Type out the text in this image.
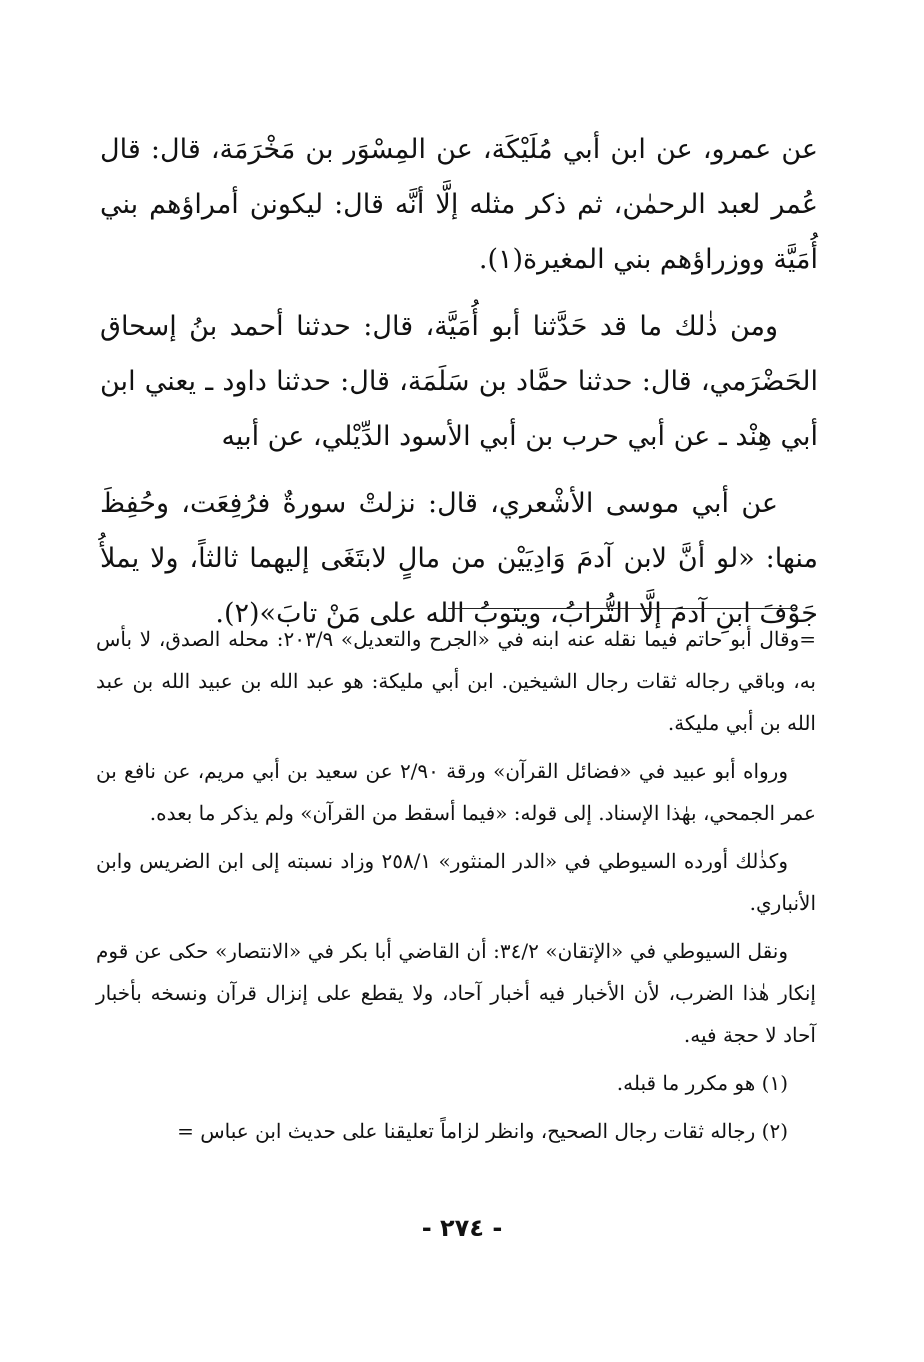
عن عمرو، عن ابن أبي مُلَيْكَة، عن المِسْوَر بن مَخْرَمَة، قال: قال عُمر لعبد الرحمٰن، ثم ذكر مثله إلَّا أنَّه قال: ليكونن أمراؤهم بني أُمَيَّة ووزراؤهم بني المغيرة(١).

ومن ذٰلك ما قد حَدَّثنا أبو أُمَيَّة، قال: حدثنا أحمد بنُ إسحاق الحَضْرَمي، قال: حدثنا حمَّاد بن سَلَمَة، قال: حدثنا داود ـ يعني ابن أبي هِنْد ـ عن أبي حرب بن أبي الأسود الدِّيْلي، عن أبيه

عن أبي موسى الأشْعري، قال: نزلتْ سورةٌ فرُفِعَت، وحُفِظَ منها: «لو أنَّ لابن آدمَ وَادِيَيْن من مالٍ لابتَغَى إليهما ثالثاً، ولا يملأُ جَوْفَ ابنِ آدمَ إلَّا التُّرابُ، ويتوبُ الله على مَنْ تابَ»(٢).

=وقال أبو حاتم فيما نقله عنه ابنه في «الجرح والتعديل» ٢٠٣/٩: محله الصدق، لا بأس به، وباقي رجاله ثقات رجال الشيخين. ابن أبي مليكة: هو عبد الله بن عبيد الله بن عبد الله بن أبي مليكة.

ورواه أبو عبيد في «فضائل القرآن» ورقة ٢/٩٠ عن سعيد بن أبي مريم، عن نافع بن عمر الجمحي، بهٰذا الإسناد. إلى قوله: «فيما أسقط من القرآن» ولم يذكر ما بعده.

وكذٰلك أورده السيوطي في «الدر المنثور» ٢٥٨/١ وزاد نسبته إلى ابن الضريس وابن الأنباري.

ونقل السيوطي في «الإتقان» ٣٤/٢: أن القاضي أبا بكر في «الانتصار» حكى عن قوم إنكار هٰذا الضرب، لأن الأخبار فيه أخبار آحاد، ولا يقطع على إنزال قرآن ونسخه بأخبار آحاد لا حجة فيه.

(١) هو مكرر ما قبله.

(٢) رجاله ثقات رجال الصحيح، وانظر لزاماً تعليقنا على حديث ابن عباس =

- ٢٧٤ -
